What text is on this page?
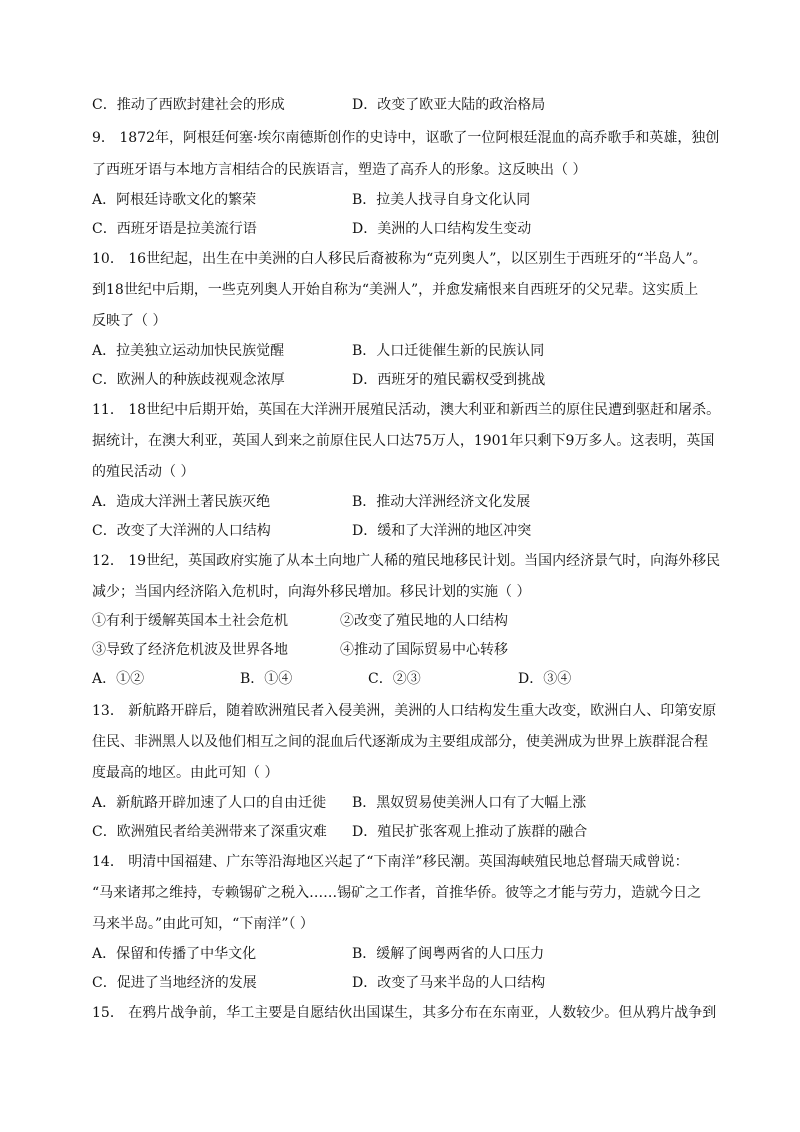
C．推动了西欧封建社会的形成	D．改变了欧亚大陆的政治格局
9． 1872年，阿根廷何塞·埃尔南德斯创作的史诗中，讴歌了一位阿根廷混血的高乔歌手和英雄，独创
了西班牙语与本地方言相结合的民族语言，塑造了高乔人的形象。这反映出（ ）
A．阿根廷诗歌文化的繁荣	B．拉美人找寻自身文化认同
C．西班牙语是拉美流行语	D．美洲的人口结构发生变动
10． 16世纪起，出生在中美洲的白人移民后裔被称为“克列奥人”，以区别生于西班牙的“半岛人”。
到18世纪中后期，一些克列奥人开始自称为“美洲人”，并愈发痛恨来自西班牙的父兄辈。这实质上
反映了（ ）
A．拉美独立运动加快民族觉醒	B．人口迁徙催生新的民族认同
C．欧洲人的种族歧视观念浓厚	D．西班牙的殖民霸权受到挑战
11． 18世纪中后期开始，英国在大洋洲开展殖民活动，澳大利亚和新西兰的原住民遭到驱赶和屠杀。
据统计，在澳大利亚，英国人到来之前原住民人口达75万人，1901年只剩下9万多人。这表明，英国
的殖民活动（ ）
A．造成大洋洲土著民族灭绝	B．推动大洋洲经济文化发展
C．改变了大洋洲的人口结构	D．缓和了大洋洲的地区冲突
12． 19世纪，英国政府实施了从本土向地广人稀的殖民地移民计划。当国内经济景气时，向海外移民
减少；当国内经济陷入危机时，向海外移民增加。移民计划的实施（ ）
①有利于缓解英国本土社会危机	②改变了殖民地的人口结构
③导致了经济危机波及世界各地	④推动了国际贸易中心转移
A．①②	B．①④	C．②③	D．③④
13． 新航路开辟后，随着欧洲殖民者入侵美洲，美洲的人口结构发生重大改变，欧洲白人、印第安原
住民、非洲黑人以及他们相互之间的混血后代逐渐成为主要组成部分，使美洲成为世界上族群混合程
度最高的地区。由此可知（ ）
A．新航路开辟加速了人口的自由迁徙 B．黑奴贸易使美洲人口有了大幅上涨
C．欧洲殖民者给美洲带来了深重灾难 D．殖民扩张客观上推动了族群的融合
14． 明清中国福建、广东等沿海地区兴起了“下南洋”移民潮。英国海峡殖民地总督瑞天咸曾说：
“马来诸邦之维持，专赖锡矿之税入……锡矿之工作者，首推华侨。彼等之才能与劳力，造就今日之
马来半岛。”由此可知，“下南洋”（ ）
A．保留和传播了中华文化	B．缓解了闽粤两省的人口压力
C．促进了当地经济的发展	D．改变了马来半岛的人口结构
15． 在鸦片战争前，华工主要是自愿结伙出国谋生，其多分布在东南亚，人数较少。但从鸦片战争到
